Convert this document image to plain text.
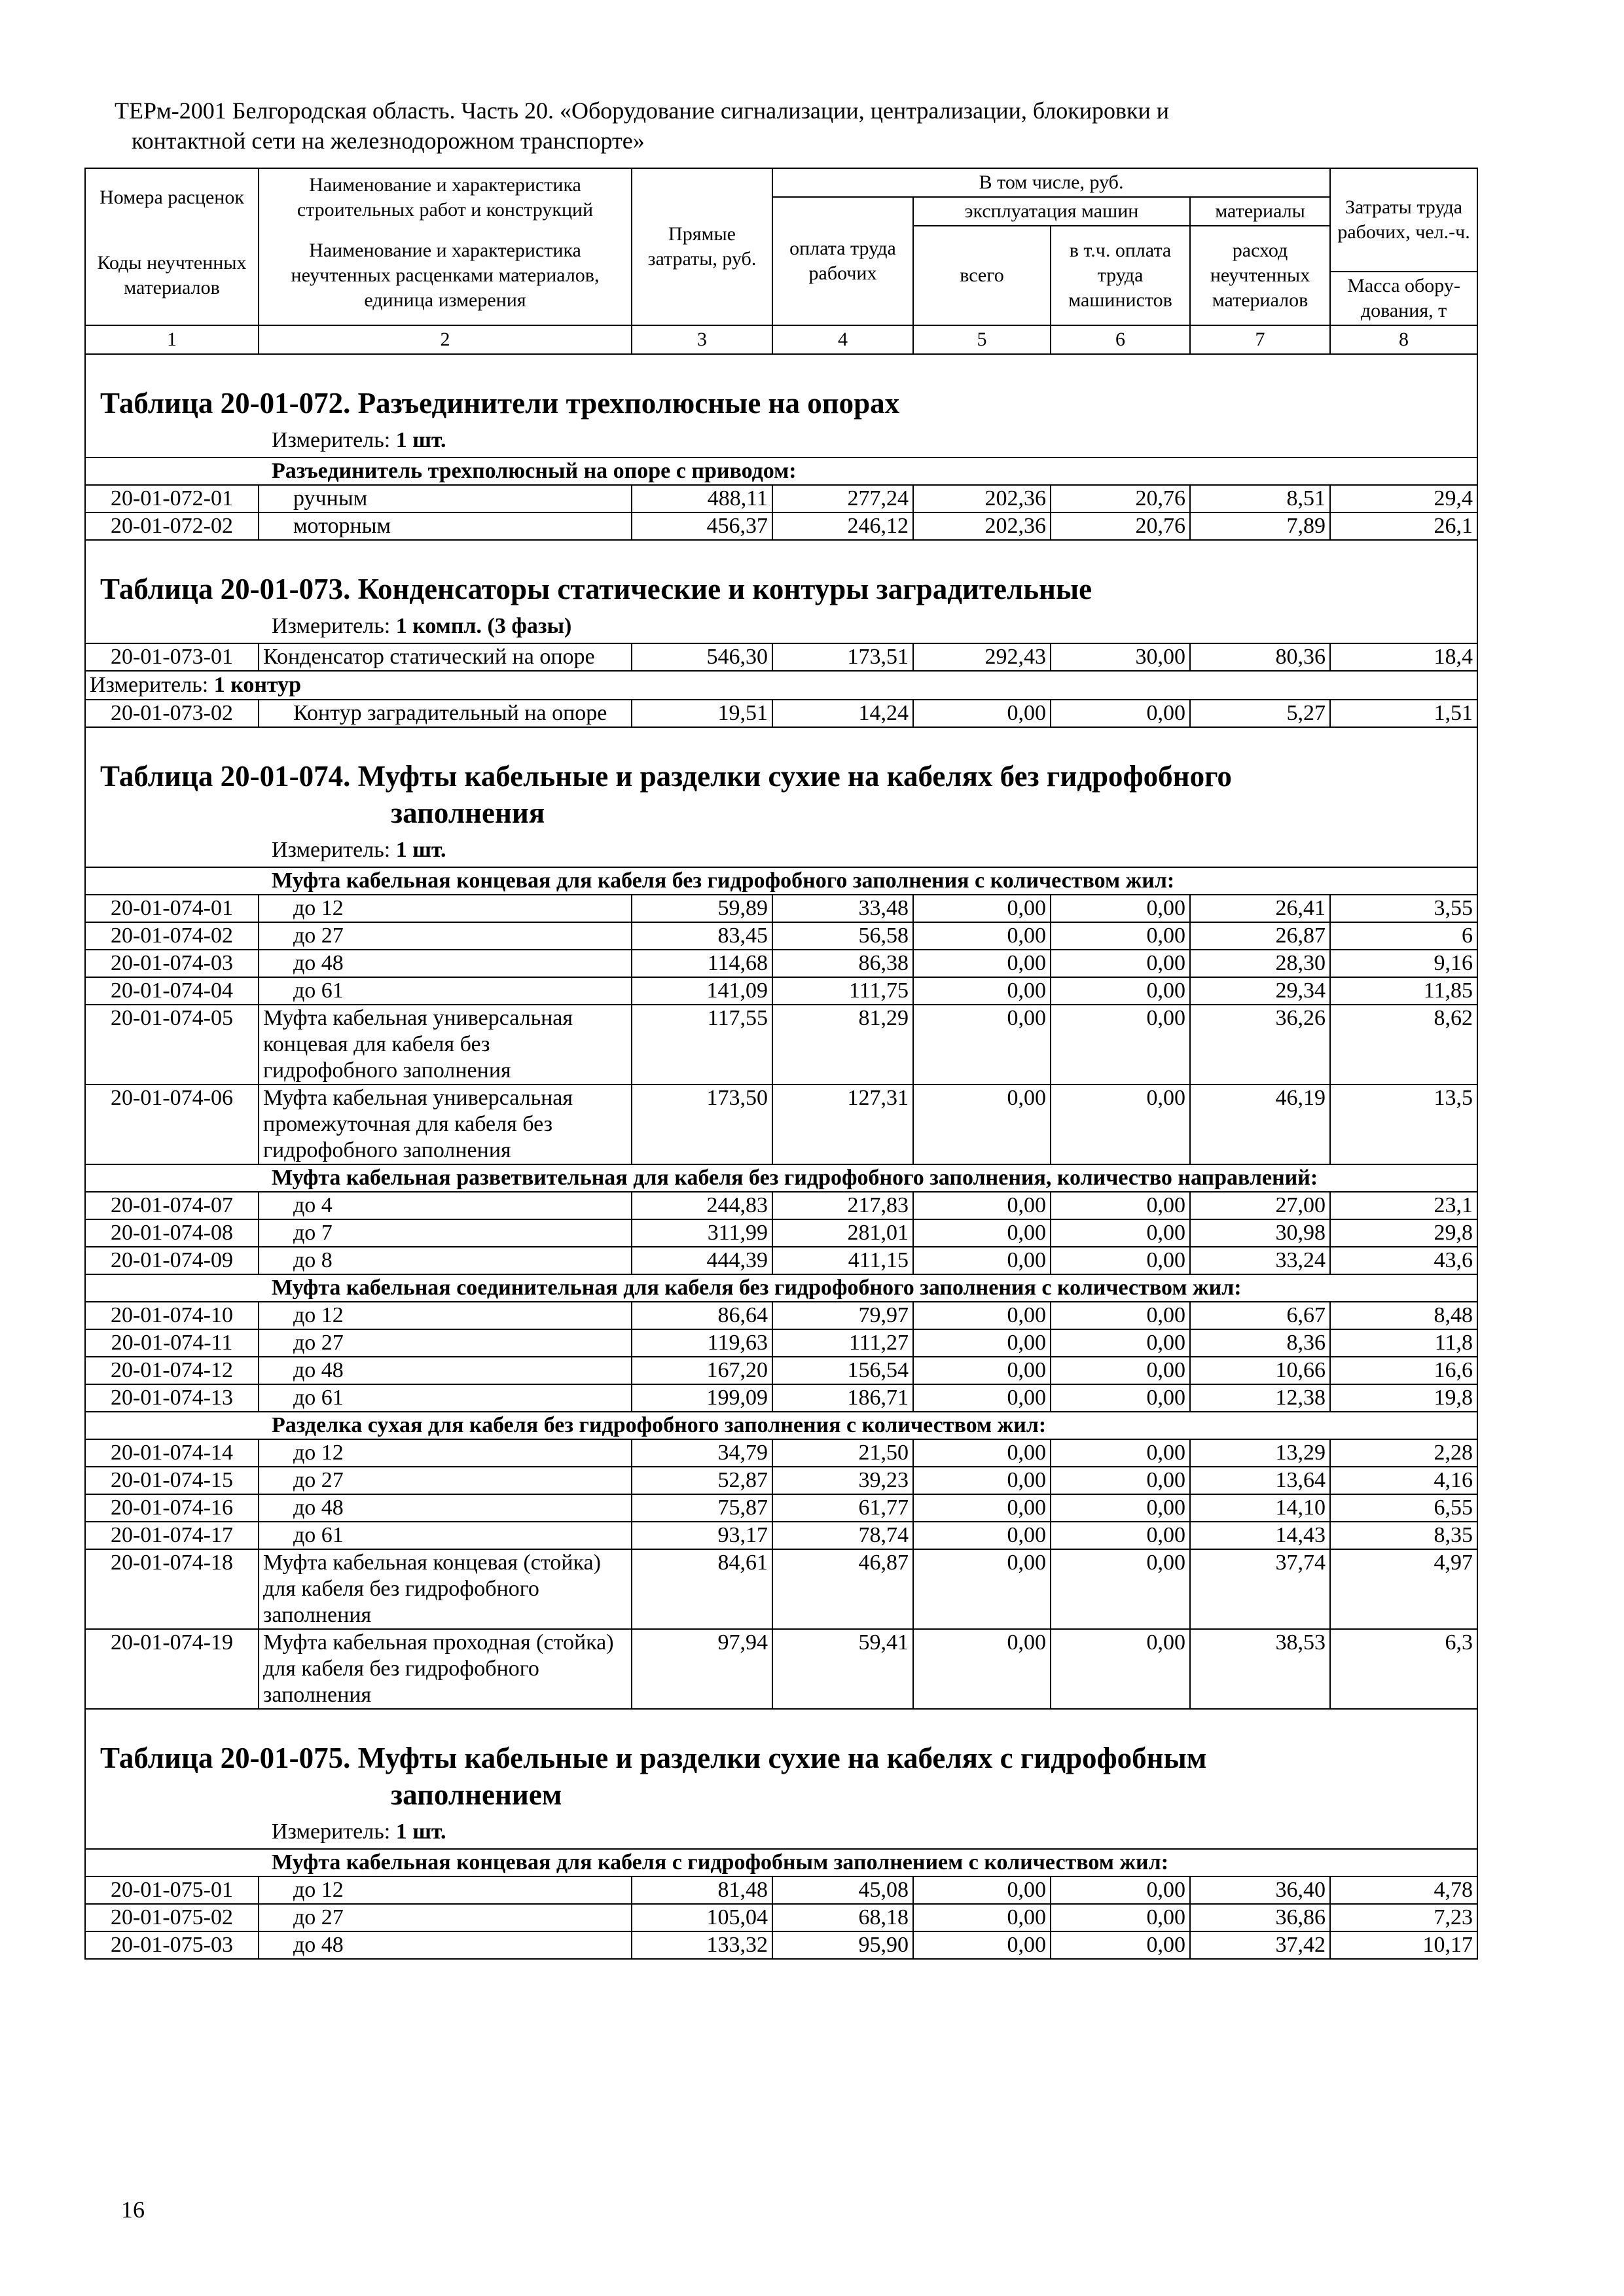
ТЕРм-2001 Белгородская область. Часть 20. «Оборудование сигнализации, централизации, блокировки и
контактной сети на железнодорожном транспорте»
Номера расценок	Наименование и характеристика строительных работ и конструкций	Прямые затраты, руб.	В том числе, руб.				Затраты труда рабочих, чел.-ч.
			оплата труда рабочих	эксплуатация машин		материалы	
Коды неучтенных материалов	Наименование и характеристика неучтенных расценками материалов, единица измерения			всего	в т.ч. оплата труда машинистов	расход неучтенных материалов	
							Масса обору-дования, т
1	2	3	4	5	6	7	8

Таблица 20-01-072. Разъединители трехполюсные на опорах
Измеритель: 1 шт.							

Разъединитель трехполюсный на опоре с приводом:							
20-01-072-01	ручным	488,11	277,24	202,36	20,76	8,51	29,4
20-01-072-02	моторным	456,37	246,12	202,36	20,76	7,89	26,1

Таблица 20-01-073. Конденсаторы статические и контуры заградительные
Измеритель: 1 компл. (3 фазы)							

20-01-073-01	Конденсатор статический на опоре	546,30	173,51	292,43	30,00	80,36	18,4
Измеритель: 1 контур							
20-01-073-02	Контур заградительный на опоре	19,51	14,24	0,00	0,00	5,27	1,51

Таблица 20-01-074. Муфты кабельные и разделки сухие на кабелях без гидрофобного
заполнения
Измеритель: 1 шт.							

Муфта кабельная концевая для кабеля без гидрофобного заполнения с количеством жил:							
20-01-074-01	до 12	59,89	33,48	0,00	0,00	26,41	3,55
20-01-074-02	до 27	83,45	56,58	0,00	0,00	26,87	6
20-01-074-03	до 48	114,68	86,38	0,00	0,00	28,30	9,16
20-01-074-04	до 61	141,09	111,75	0,00	0,00	29,34	11,85
20-01-074-05	Муфта кабельная универсальная концевая для кабеля без гидрофобного заполнения	117,55	81,29	0,00	0,00	36,26	8,62
20-01-074-06	Муфта кабельная универсальная промежуточная для кабеля без гидрофобного заполнения	173,50	127,31	0,00	0,00	46,19	13,5
Муфта кабельная разветвительная для кабеля без гидрофобного заполнения, количество направлений:							
20-01-074-07	до 4	244,83	217,83	0,00	0,00	27,00	23,1
20-01-074-08	до 7	311,99	281,01	0,00	0,00	30,98	29,8
20-01-074-09	до 8	444,39	411,15	0,00	0,00	33,24	43,6
Муфта кабельная соединительная для кабеля без гидрофобного заполнения с количеством жил:							
20-01-074-10	до 12	86,64	79,97	0,00	0,00	6,67	8,48
20-01-074-11	до 27	119,63	111,27	0,00	0,00	8,36	11,8
20-01-074-12	до 48	167,20	156,54	0,00	0,00	10,66	16,6
20-01-074-13	до 61	199,09	186,71	0,00	0,00	12,38	19,8
Разделка сухая для кабеля без гидрофобного заполнения с количеством жил:							
20-01-074-14	до 12	34,79	21,50	0,00	0,00	13,29	2,28
20-01-074-15	до 27	52,87	39,23	0,00	0,00	13,64	4,16
20-01-074-16	до 48	75,87	61,77	0,00	0,00	14,10	6,55
20-01-074-17	до 61	93,17	78,74	0,00	0,00	14,43	8,35
20-01-074-18	Муфта кабельная концевая (стойка) для кабеля без гидрофобного заполнения	84,61	46,87	0,00	0,00	37,74	4,97
20-01-074-19	Муфта кабельная проходная (стойка) для кабеля без гидрофобного заполнения	97,94	59,41	0,00	0,00	38,53	6,3

Таблица 20-01-075. Муфты кабельные и разделки сухие на кабелях с гидрофобным
заполнением
Измеритель: 1 шт.							

Муфта кабельная концевая для кабеля с гидрофобным заполнением с количеством жил:							
20-01-075-01	до 12	81,48	45,08	0,00	0,00	36,40	4,78
20-01-075-02	до 27	105,04	68,18	0,00	0,00	36,86	7,23
20-01-075-03	до 48	133,32	95,90	0,00	0,00	37,42	10,17
16
